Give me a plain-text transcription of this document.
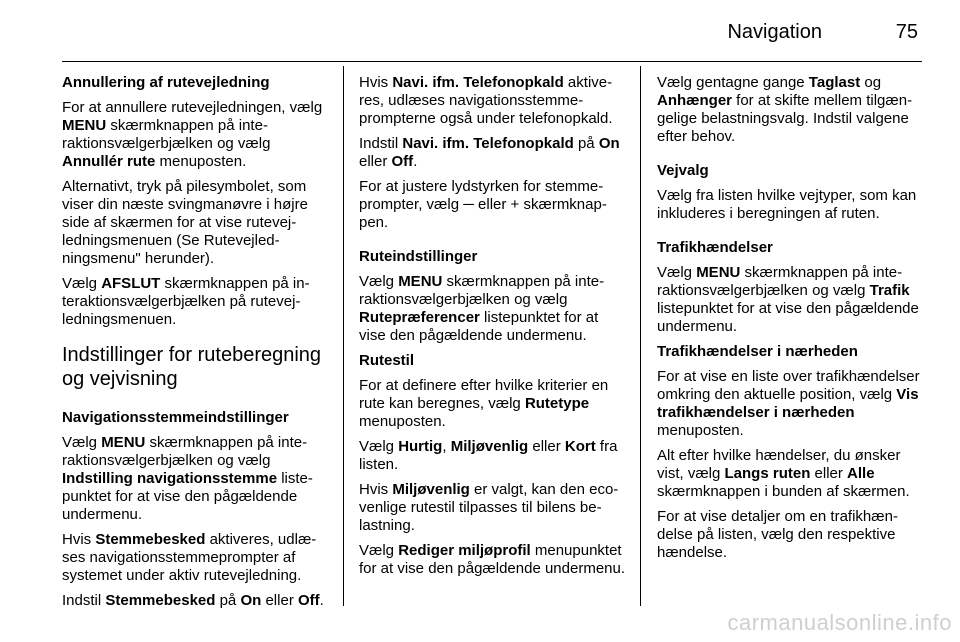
Navigation	75

Annullering af rutevejledning

For at annullere rutevejledningen, vælg MENU skærmknappen på interaktionsvælgerbjælken og vælg Annullér rute menuposten.

Alternativt, tryk på pilesymbolet, som viser din næste svingmanøvre i højre side af skærmen for at vise rutevejledningsmenuen (Se Rutevejledningsmenu" herunder).

Vælg AFSLUT skærmknappen på interaktionsvælgerbjælken på rutevejledningsmenuen.

Indstillinger for ruteberegning og vejvisning

Navigationsstemmeindstillinger

Vælg MENU skærmknappen på interaktionsvælgerbjælken og vælg Indstilling navigationsstemme listepunktet for at vise den pågældende undermenu.

Hvis Stemmebesked aktiveres, udlæses navigationsstemmeprompter af systemet under aktiv rutevejledning.

Indstil Stemmebesked på On eller Off.

Hvis Navi. ifm. Telefonopkald aktiveres, udlæses navigationsstemmeprompterne også under telefonopkald.

Indstil Navi. ifm. Telefonopkald på On eller Off.

For at justere lydstyrken for stemmeprompter, vælg ─ eller + skærmknappen.

Ruteindstillinger

Vælg MENU skærmknappen på interaktionsvælgerbjælken og vælg Rutepræferencer listepunktet for at vise den pågældende undermenu.

Rutestil

For at definere efter hvilke kriterier en rute kan beregnes, vælg Rutetype menuposten.

Vælg Hurtig, Miljøvenlig eller Kort fra listen.

Hvis Miljøvenlig er valgt, kan den ecovenlige rutestil tilpasses til bilens belastning.

Vælg Rediger miljøprofil menupunktet for at vise den pågældende undermenu.

Vælg gentagne gange Taglast og Anhænger for at skifte mellem tilgængelige belastningsvalg. Indstil valgene efter behov.

Vejvalg

Vælg fra listen hvilke vejtyper, som kan inkluderes i beregningen af ruten.

Trafikhændelser

Vælg MENU skærmknappen på interaktionsvælgerbjælken og vælg Trafik listepunktet for at vise den pågældende undermenu.

Trafikhændelser i nærheden

For at vise en liste over trafikhændelser omkring den aktuelle position, vælg Vis trafikhændelser i nærheden menuposten.

Alt efter hvilke hændelser, du ønsker vist, vælg Langs ruten eller Alle skærmknappen i bunden af skærmen.

For at vise detaljer om en trafikhændelse på listen, vælg den respektive hændelse.

carmanualsonline.info
